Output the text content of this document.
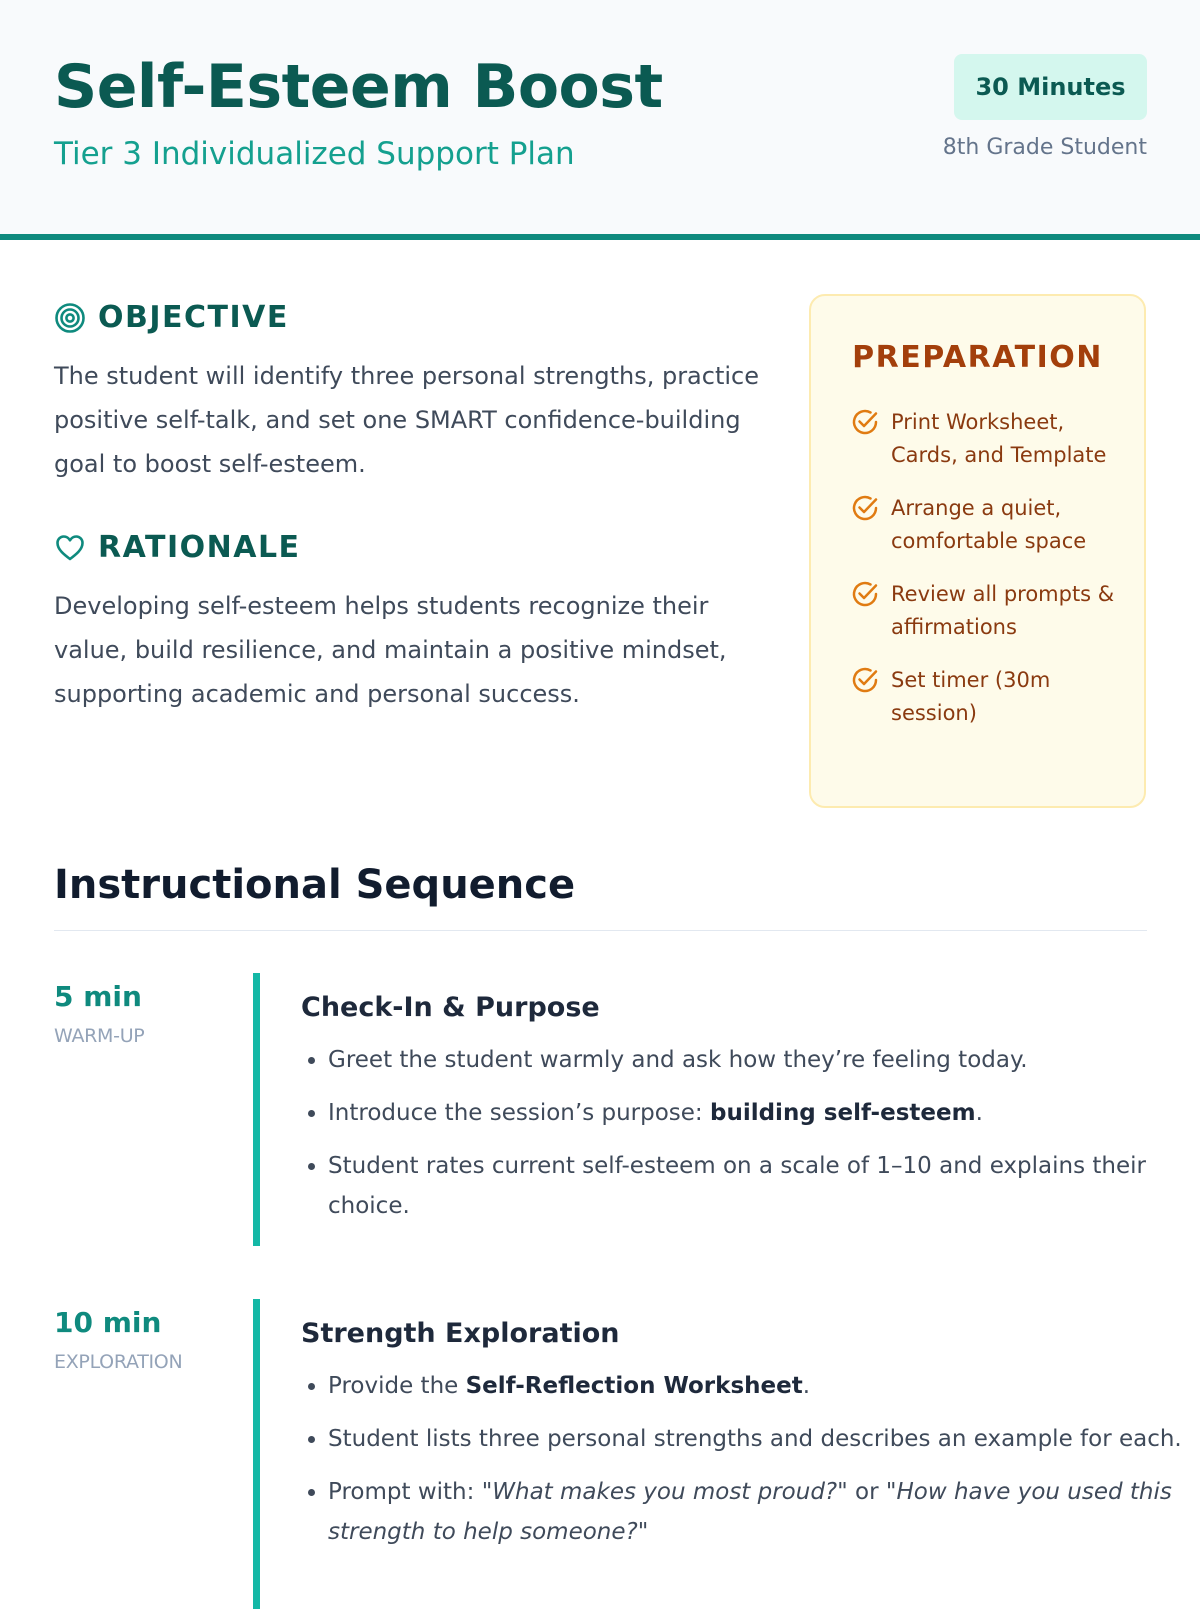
Self-Esteem Boost
Tier 3 Individualized Support Plan
30 Minutes
8th Grade Student
OBJECTIVE

The student will identify three personal strengths, practice positive self-talk, and set one SMART confidence-building goal to boost self-esteem.

RATIONALE

Developing self-esteem helps students recognize their value, build resilience, and maintain a positive mindset, supporting academic and personal success.

PREPARATION
Print Worksheet, Cards, and Template
Arrange a quiet, comfortable space
Review all prompts & affirmations
Set timer (30m session)
Instructional Sequence
5 min
WARM-UP
Check-In & Purpose
• Greet the student warmly and ask how they’re feeling today.
• Introduce the session’s purpose: building self-esteem.
• Student rates current self-esteem on a scale of 1–10 and explains their choice.
10 min
EXPLORATION
Strength Exploration
• Provide the Self-Reflection Worksheet.
• Student lists three personal strengths and describes an example for each.
• Prompt with: "What makes you most proud?" or "How have you used this strength to help someone?"
